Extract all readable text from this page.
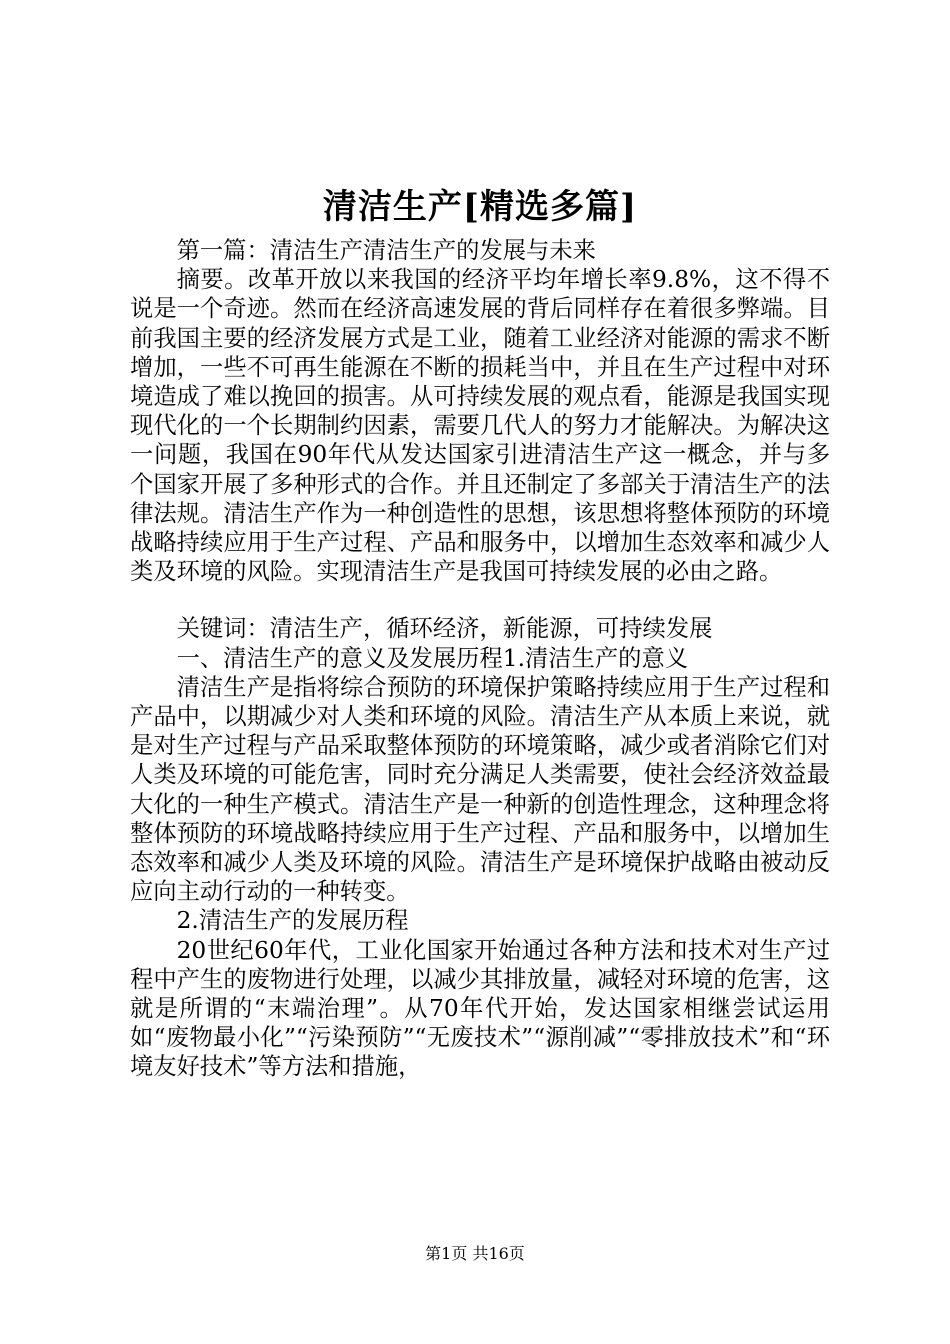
清洁生产[精选多篇]

第一篇：清洁生产清洁生产的发展与未来

摘要。改革开放以来我国的经济平均年增长率9.8%，这不得不说是一个奇迹。然而在经济高速发展的背后同样存在着很多弊端。目前我国主要的经济发展方式是工业，随着工业经济对能源的需求不断增加，一些不可再生能源在不断的损耗当中，并且在生产过程中对环境造成了难以挽回的损害。从可持续发展的观点看，能源是我国实现现代化的一个长期制约因素，需要几代人的努力才能解决。为解决这一问题，我国在90年代从发达国家引进清洁生产这一概念，并与多个国家开展了多种形式的合作。并且还制定了多部关于清洁生产的法律法规。清洁生产作为一种创造性的思想，该思想将整体预防的环境战略持续应用于生产过程、产品和服务中，以增加生态效率和减少人类及环境的风险。实现清洁生产是我国可持续发展的必由之路。

关键词：清洁生产，循环经济，新能源，可持续发展

一、清洁生产的意义及发展历程1.清洁生产的意义

清洁生产是指将综合预防的环境保护策略持续应用于生产过程和产品中，以期减少对人类和环境的风险。清洁生产从本质上来说，就是对生产过程与产品采取整体预防的环境策略，减少或者消除它们对人类及环境的可能危害，同时充分满足人类需要，使社会经济效益最大化的一种生产模式。清洁生产是一种新的创造性理念，这种理念将整体预防的环境战略持续应用于生产过程、产品和服务中，以增加生态效率和减少人类及环境的风险。清洁生产是环境保护战略由被动反应向主动行动的一种转变。

2.清洁生产的发展历程

20世纪60年代，工业化国家开始通过各种方法和技术对生产过程中产生的废物进行处理，以减少其排放量，减轻对环境的危害，这就是所谓的“末端治理”。从70年代开始，发达国家相继尝试运用如“废物最小化”“污染预防”“无废技术”“源削减”“零排放技术”和“环境友好技术”等方法和措施，

第1页 共16页
